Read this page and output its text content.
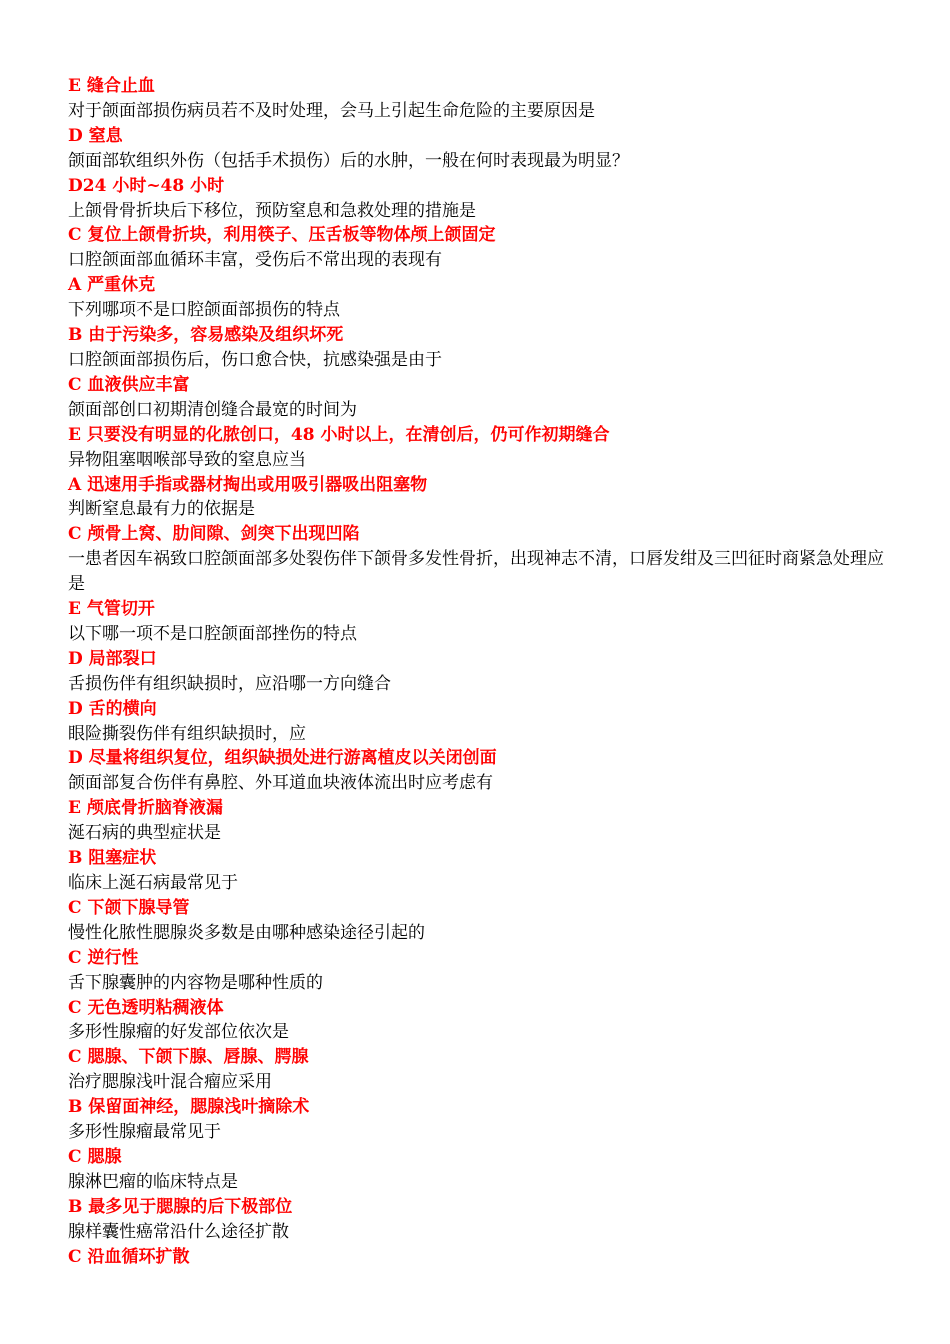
E 缝合止血
对于颌面部损伤病员若不及时处理，会马上引起生命危险的主要原因是
D 窒息
颌面部软组织外伤（包括手术损伤）后的水肿，一般在何时表现最为明显？
D24 小时~48 小时
上颌骨骨折块后下移位，预防窒息和急救处理的措施是
C 复位上颌骨折块，利用筷子、压舌板等物体颅上颌固定
口腔颌面部血循环丰富，受伤后不常出现的表现有
A 严重休克
下列哪项不是口腔颌面部损伤的特点
B 由于污染多，容易感染及组织坏死
口腔颌面部损伤后，伤口愈合快，抗感染强是由于
C 血液供应丰富
颌面部创口初期清创缝合最宽的时间为
E 只要没有明显的化脓创口，48 小时以上，在清创后，仍可作初期缝合
异物阻塞咽喉部导致的窒息应当
A 迅速用手指或器材掏出或用吸引器吸出阻塞物
判断窒息最有力的依据是
C 颅骨上窝、肋间隙、剑突下出现凹陷
一患者因车祸致口腔颌面部多处裂伤伴下颌骨多发性骨折，出现神志不清，口唇发绀及三凹征时商紧急处理应是
E 气管切开
以下哪一项不是口腔颌面部挫伤的特点
D 局部裂口
舌损伤伴有组织缺损时，应沿哪一方向缝合
D 舌的横向
眼险撕裂伤伴有组织缺损时，应
D 尽量将组织复位，组织缺损处进行游离植皮以关闭创面
颌面部复合伤伴有鼻腔、外耳道血块液体流出时应考虑有
E 颅底骨折脑脊液漏
涎石病的典型症状是
B 阻塞症状
临床上涎石病最常见于
C 下颌下腺导管
慢性化脓性腮腺炎多数是由哪种感染途径引起的
C 逆行性
舌下腺囊肿的内容物是哪种性质的
C 无色透明粘稠液体
多形性腺瘤的好发部位依次是
C 腮腺、下颌下腺、唇腺、腭腺
治疗腮腺浅叶混合瘤应采用
B 保留面神经，腮腺浅叶摘除术
多形性腺瘤最常见于
C 腮腺
腺淋巴瘤的临床特点是
B 最多见于腮腺的后下极部位
腺样囊性癌常沿什么途径扩散
C 沿血循环扩散
